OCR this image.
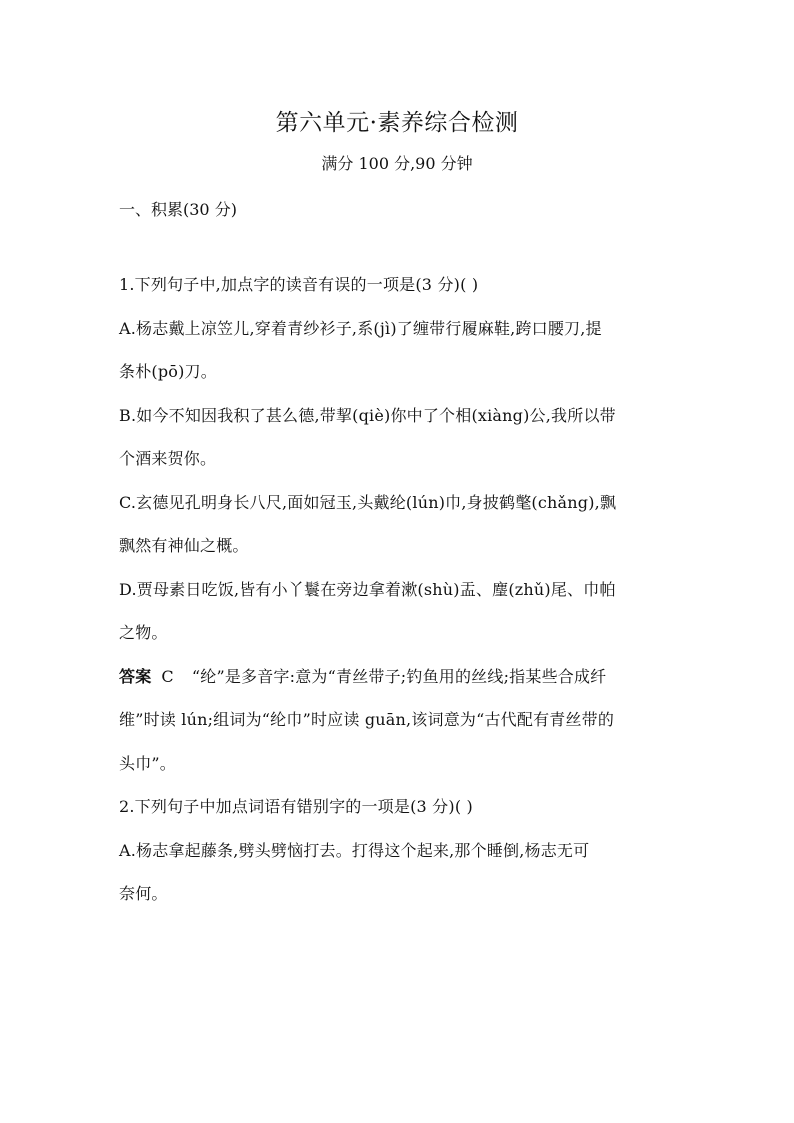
第六单元·素养综合检测
满分 100 分,90 分钟
一、积累(30 分)

1.下列句子中,加点字的读音有误的一项是(3 分)( )

A.杨志戴上凉笠儿,穿着青纱衫子,系(jì)了缠带行履麻鞋,跨口腰刀,提

条朴(pō)刀。

B.如今不知因我积了甚么德,带挈(qiè)你中了个相(xiàng)公,我所以带

个酒来贺你。

C.玄德见孔明身长八尺,面如冠玉,头戴纶(lún)巾,身披鹤氅(chǎng),飘

飘然有神仙之概。

D.贾母素日吃饭,皆有小丫鬟在旁边拿着漱(shù)盂、麈(zhǔ)尾、巾帕

之物。

答案 C “纶”是多音字:意为“青丝带子;钓鱼用的丝线;指某些合成纤

维”时读 lún;组词为“纶巾”时应读 guān,该词意为“古代配有青丝带的

头巾”。

2.下列句子中加点词语有错别字的一项是(3 分)( )

A.杨志拿起藤条,劈头劈恼打去。打得这个起来,那个睡倒,杨志无可

奈何。
